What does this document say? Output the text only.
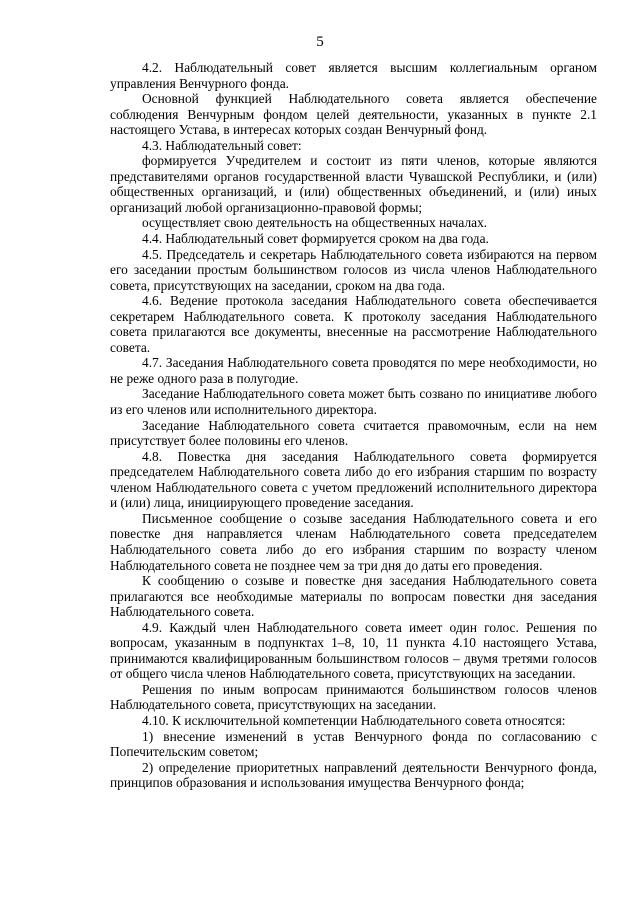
5

4.2. Наблюдательный совет является высшим коллегиальным органом управления Венчурного фонда.

Основной функцией Наблюдательного совета является обеспечение соблюдения Венчурным фондом целей деятельности, указанных в пункте 2.1 настоящего Устава, в интересах которых создан Венчурный фонд.

4.3. Наблюдательный совет:

формируется Учредителем и состоит из пяти членов, которые являются представителями органов государственной власти Чувашской Республики, и (или) общественных организаций, и (или) общественных объединений, и (или) иных организаций любой организационно-правовой формы;

осуществляет свою деятельность на общественных началах.

4.4. Наблюдательный совет формируется сроком на два года.

4.5. Председатель и секретарь Наблюдательного совета избираются на первом его заседании простым большинством голосов из числа членов Наблюдательного совета, присутствующих на заседании, сроком на два года.

4.6. Ведение протокола заседания Наблюдательного совета обеспечивается секретарем Наблюдательного совета. К протоколу заседания Наблюдательного совета прилагаются все документы, внесенные на рассмотрение Наблюдательного совета.

4.7. Заседания Наблюдательного совета проводятся по мере необходимости, но не реже одного раза в полугодие.

Заседание Наблюдательного совета может быть созвано по инициативе любого из его членов или исполнительного директора.

Заседание Наблюдательного совета считается правомочным, если на нем присутствует более половины его членов.

4.8. Повестка дня заседания Наблюдательного совета формируется председателем Наблюдательного совета либо до его избрания старшим по возрасту членом Наблюдательного совета с учетом предложений исполнительного директора и (или) лица, инициирующего проведение заседания.

Письменное сообщение о созыве заседания Наблюдательного совета и его повестке дня направляется членам Наблюдательного совета председателем Наблюдательного совета либо до его избрания старшим по возрасту членом Наблюдательного совета не позднее чем за три дня до даты его проведения.

К сообщению о созыве и повестке дня заседания Наблюдательного совета прилагаются все необходимые материалы по вопросам повестки дня заседания Наблюдательного совета.

4.9. Каждый член Наблюдательного совета имеет один голос. Решения по вопросам, указанным в подпунктах 1–8, 10, 11 пункта 4.10 настоящего Устава, принимаются квалифицированным большинством голосов – двумя третями голосов от общего числа членов Наблюдательного совета, присутствующих на заседании.

Решения по иным вопросам принимаются большинством голосов членов Наблюдательного совета, присутствующих на заседании.

4.10. К исключительной компетенции Наблюдательного совета относятся:

1) внесение изменений в устав Венчурного фонда по согласованию с Попечительским советом;

2) определение приоритетных направлений деятельности Венчурного фонда, принципов образования и использования имущества Венчурного фонда;
